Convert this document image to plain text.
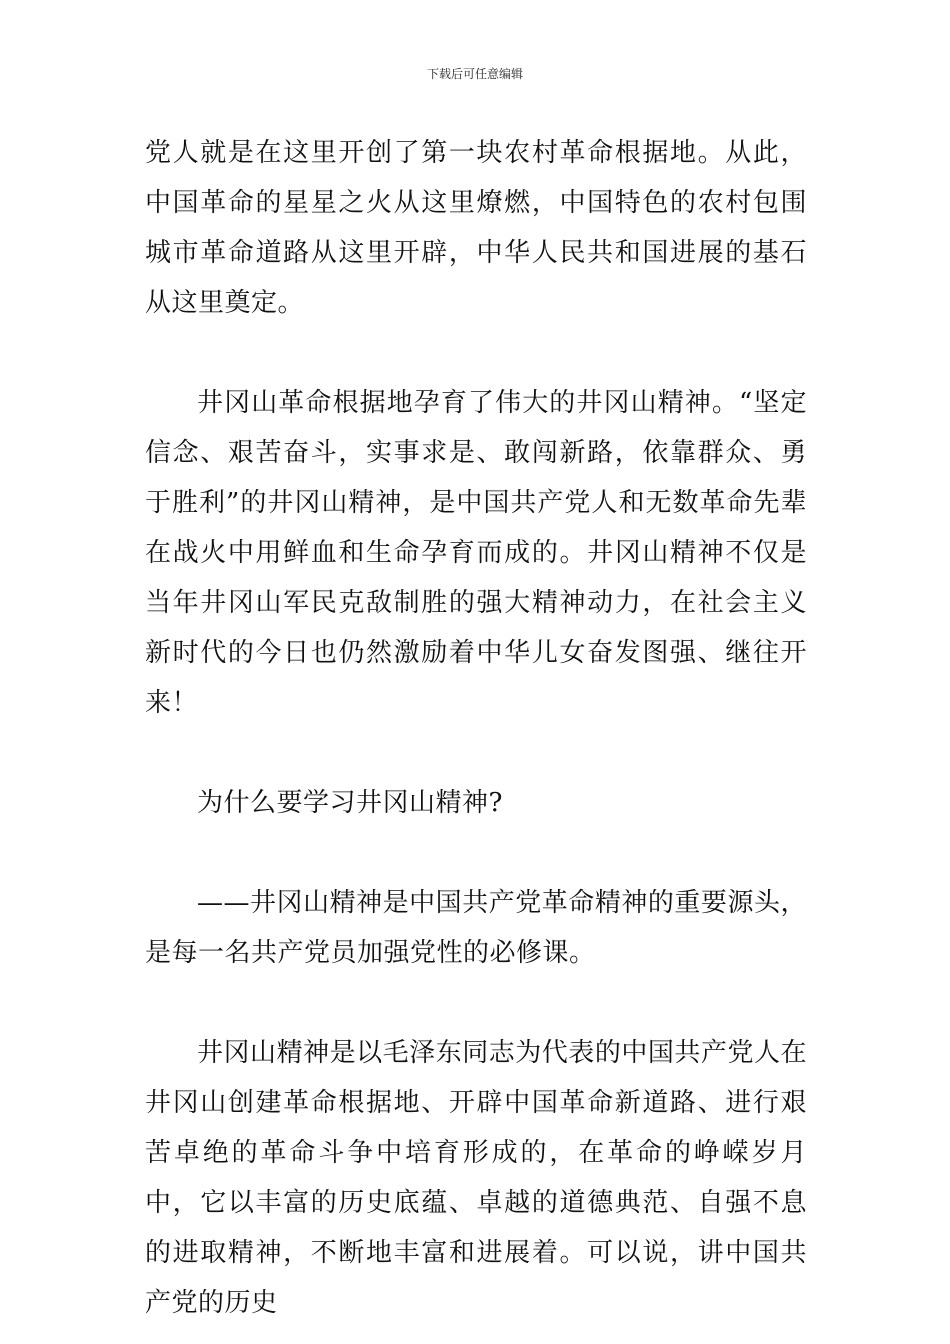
下载后可任意编辑

党人就是在这里开创了第一块农村革命根据地。从此，中国革命的星星之火从这里燎燃，中国特色的农村包围城市革命道路从这里开辟，中华人民共和国进展的基石从这里奠定。

井冈山革命根据地孕育了伟大的井冈山精神。“坚定信念、艰苦奋斗，实事求是、敢闯新路，依靠群众、勇于胜利”的井冈山精神，是中国共产党人和无数革命先辈在战火中用鲜血和生命孕育而成的。井冈山精神不仅是当年井冈山军民克敌制胜的强大精神动力，在社会主义新时代的今日也仍然激励着中华儿女奋发图强、继往开来！

为什么要学习井冈山精神?

——井冈山精神是中国共产党革命精神的重要源头，是每一名共产党员加强党性的必修课。

井冈山精神是以毛泽东同志为代表的中国共产党人在井冈山创建革命根据地、开辟中国革命新道路、进行艰苦卓绝的革命斗争中培育形成的，在革命的峥嵘岁月中，它以丰富的历史底蕴、卓越的道德典范、自强不息的进取精神，不断地丰富和进展着。可以说，讲中国共产党的历史
